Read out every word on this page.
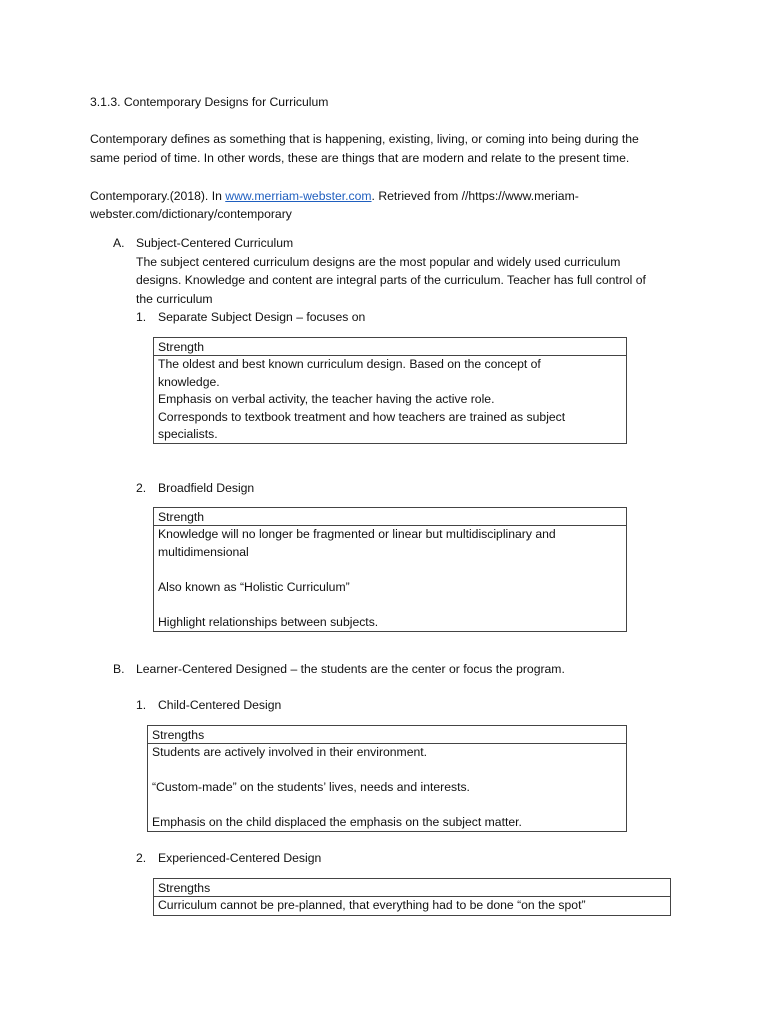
3.1.3. Contemporary Designs for Curriculum
Contemporary defines as something that is happening, existing, living, or coming into being during the
same period of time. In other words, these are things that are modern and relate to the present time.
Contemporary.(2018). In www.merriam-webster.com. Retrieved from //https://www.meriam-
webster.com/dictionary/contemporary
A. Subject-Centered Curriculum
The subject centered curriculum designs are the most popular and widely used curriculum
designs. Knowledge and content are integral parts of the curriculum. Teacher has full control of
the curriculum
1. Separate Subject Design – focuses on
Strength
The oldest and best known curriculum design. Based on the concept of
knowledge.
Emphasis on verbal activity, the teacher having the active role.
Corresponds to textbook treatment and how teachers are trained as subject
specialists.
2. Broadfield Design
Strength
Knowledge will no longer be fragmented or linear but multidisciplinary and
multidimensional
Also known as “Holistic Curriculum”
Highlight relationships between subjects.
B. Learner-Centered Designed – the students are the center or focus the program.
1. Child-Centered Design
Strengths
Students are actively involved in their environment.
“Custom-made” on the students’ lives, needs and interests.
Emphasis on the child displaced the emphasis on the subject matter.
2. Experienced-Centered Design
Strengths
Curriculum cannot be pre-planned, that everything had to be done “on the spot”
